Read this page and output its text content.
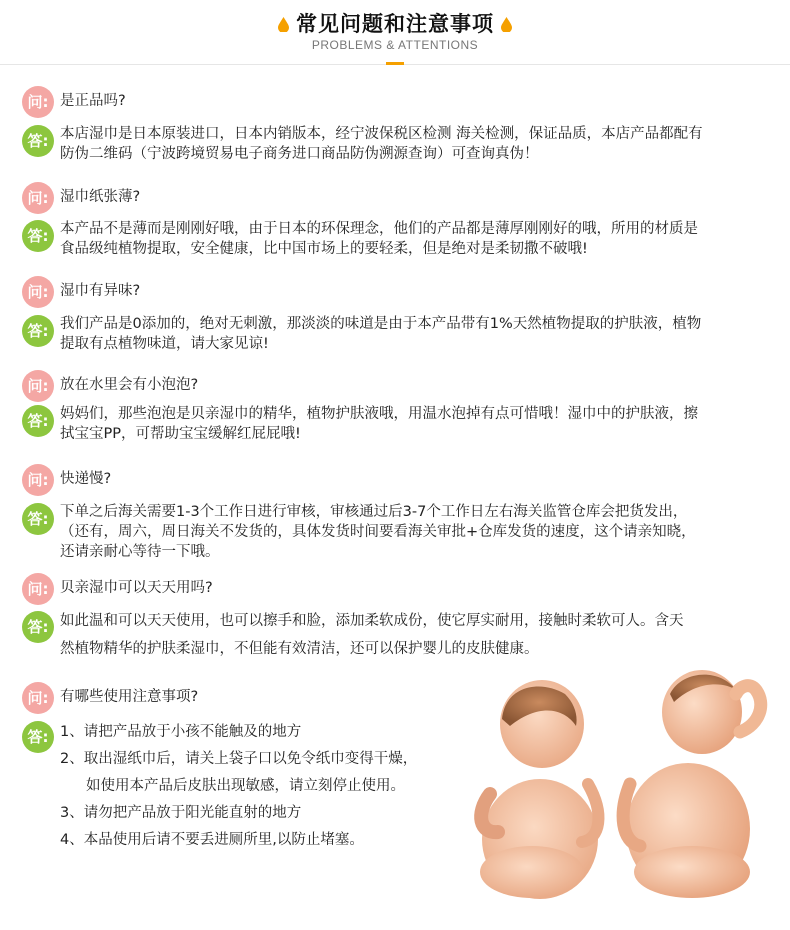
常见问题和注意事项
PROBLEMS & ATTENTIONS
问: 是正品吗?
答: 本店湿巾是日本原装进口，日本内销版本，经宁波保税区检测 海关检测，保证品质，本店产品都配有
防伪二维码（宁波跨境贸易电子商务进口商品防伪溯源查询）可查询真伪！
问: 湿巾纸张薄?
答: 本产品不是薄而是刚刚好哦，由于日本的环保理念，他们的产品都是薄厚刚刚好的哦，所用的材质是
食品级纯植物提取，安全健康，比中国市场上的要轻柔，但是绝对是柔韧撒不破哦!
问: 湿巾有异味?
答: 我们产品是0添加的，绝对无刺激，那淡淡的味道是由于本产品带有1%天然植物提取的护肤液，植物
提取有点植物味道，请大家见谅!
问: 放在水里会有小泡泡?
答: 妈妈们，那些泡泡是贝亲湿巾的精华，植物护肤液哦，用温水泡掉有点可惜哦！湿巾中的护肤液，擦
拭宝宝PP，可帮助宝宝缓解红屁屁哦!
问: 快递慢?
答: 下单之后海关需要1-3个工作日进行审核，审核通过后3-7个工作日左右海关监管仓库会把货发出，
（还有，周六，周日海关不发货的，具体发货时间要看海关审批+仓库发货的速度，这个请亲知晓，
还请亲耐心等待一下哦。
问: 贝亲湿巾可以天天用吗?
答: 如此温和可以天天使用，也可以擦手和脸，添加柔软成份，使它厚实耐用，接触时柔软可人。含天
然植物精华的护肤柔湿巾，不但能有效清洁，还可以保护婴儿的皮肤健康。
问: 有哪些使用注意事项?
答: 1、请把产品放于小孩不能触及的地方
2、取出湿纸巾后，请关上袋子口以免令纸巾变得干燥，
如使用本产品后皮肤出现敏感，请立刻停止使用。
3、请勿把产品放于阳光能直射的地方
4、本品使用后请不要丢进厕所里,以防止堵塞。
